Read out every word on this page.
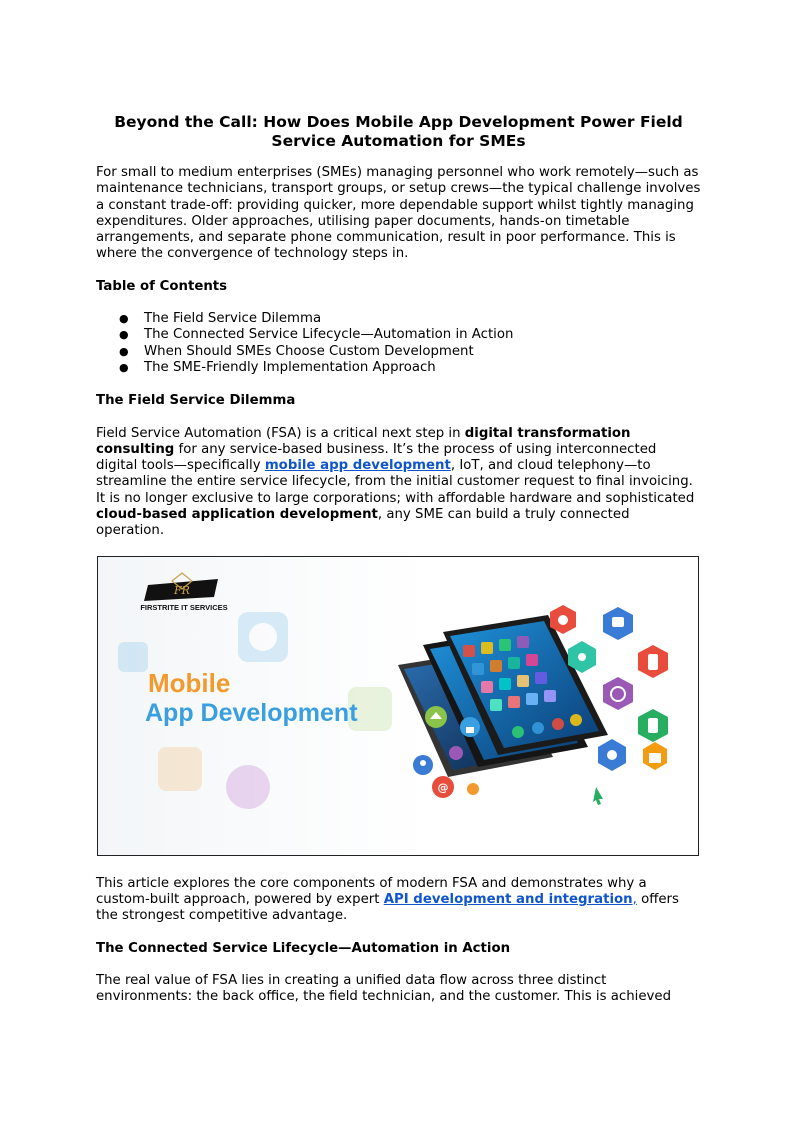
Beyond the Call: How Does Mobile App Development Power Field Service Automation for SMEs

For small to medium enterprises (SMEs) managing personnel who work remotely—such as maintenance technicians, transport groups, or setup crews—the typical challenge involves a constant trade-off: providing quicker, more dependable support whilst tightly managing expenditures. Older approaches, utilising paper documents, hands-on timetable arrangements, and separate phone communication, result in poor performance. This is where the convergence of technology steps in.

Table of Contents
● The Field Service Dilemma
● The Connected Service Lifecycle—Automation in Action
● When Should SMEs Choose Custom Development
● The SME-Friendly Implementation Approach
The Field Service Dilemma

Field Service Automation (FSA) is a critical next step in digital transformation consulting for any service-based business. It’s the process of using interconnected digital tools—specifically mobile app development, IoT, and cloud telephony—to streamline the entire service lifecycle, from the initial customer request to final invoicing. It is no longer exclusive to large corporations; with affordable hardware and sophisticated cloud-based application development, any SME can build a truly connected operation.

FR
FIRSTRITE IT SERVICES
Mobile
App Development
@

This article explores the core components of modern FSA and demonstrates why a custom-built approach, powered by expert API development and integration, offers the strongest competitive advantage.

The Connected Service Lifecycle—Automation in Action

The real value of FSA lies in creating a unified data flow across three distinct environments: the back office, the field technician, and the customer. This is achieved
